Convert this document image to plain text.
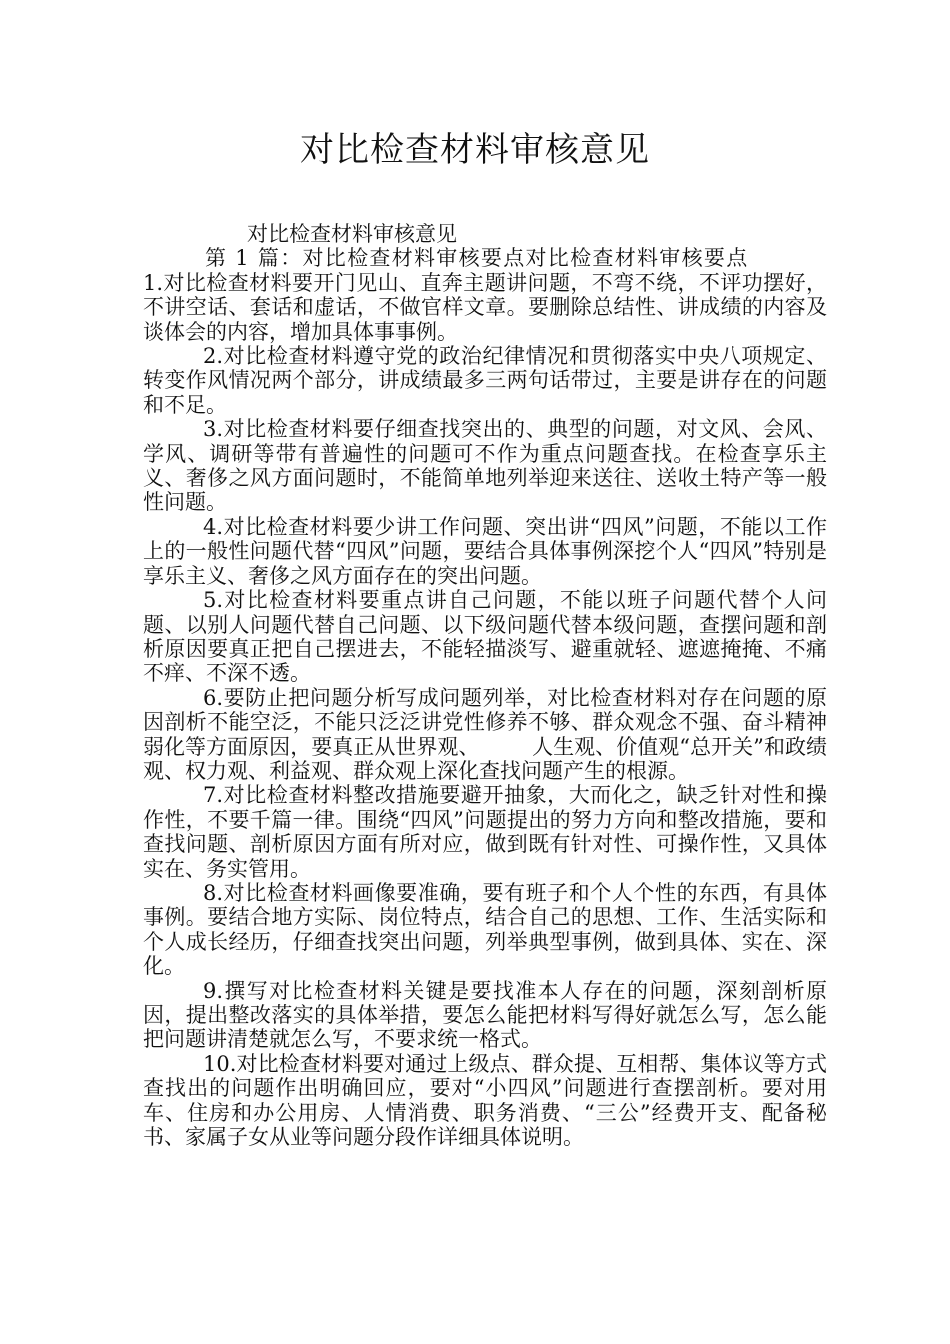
对比检查材料审核意见

对比检查材料审核意见

第 1 篇：对比检查材料审核要点对比检查材料审核要点

1.对比检查材料要开门见山、直奔主题讲问题，不弯不绕，不评功摆好，不讲空话、套话和虚话，不做官样文章。要删除总结性、讲成绩的内容及谈体会的内容，增加具体事事例。

2.对比检查材料遵守党的政治纪律情况和贯彻落实中央八项规定、转变作风情况两个部分，讲成绩最多三两句话带过，主要是讲存在的问题和不足。

3.对比检查材料要仔细查找突出的、典型的问题，对文风、会风、学风、调研等带有普遍性的问题可不作为重点问题查找。在检查享乐主义、奢侈之风方面问题时，不能简单地列举迎来送往、送收土特产等一般性问题。

4.对比检查材料要少讲工作问题、突出讲“四风”问题，不能以工作上的一般性问题代替“四风”问题，要结合具体事例深挖个人“四风”特别是享乐主义、奢侈之风方面存在的突出问题。

5.对比检查材料要重点讲自己问题，不能以班子问题代替个人问题、以别人问题代替自己问题、以下级问题代替本级问题，查摆问题和剖析原因要真正把自己摆进去，不能轻描淡写、避重就轻、遮遮掩掩、不痛不痒、不深不透。

6.要防止把问题分析写成问题列举，对比检查材料对存在问题的原因剖析不能空泛，不能只泛泛讲党性修养不够、群众观念不强、奋斗精神弱化等方面原因，要真正从世界观、　　　人生观、价值观“总开关”和政绩观、权力观、利益观、群众观上深化查找问题产生的根源。

7.对比检查材料整改措施要避开抽象，大而化之，缺乏针对性和操作性，不要千篇一律。围绕“四风”问题提出的努力方向和整改措施，要和查找问题、剖析原因方面有所对应，做到既有针对性、可操作性，又具体实在、务实管用。

8.对比检查材料画像要准确，要有班子和个人个性的东西，有具体事例。要结合地方实际、岗位特点，结合自己的思想、工作、生活实际和个人成长经历，仔细查找突出问题，列举典型事例，做到具体、实在、深化。

9.撰写对比检查材料关键是要找准本人存在的问题，深刻剖析原因，提出整改落实的具体举措，要怎么能把材料写得好就怎么写，怎么能把问题讲清楚就怎么写，不要求统一格式。

10.对比检查材料要对通过上级点、群众提、互相帮、集体议等方式查找出的问题作出明确回应，要对“小四风”问题进行查摆剖析。要对用车、住房和办公用房、人情消费、职务消费、“三公”经费开支、配备秘书、家属子女从业等问题分段作详细具体说明。
